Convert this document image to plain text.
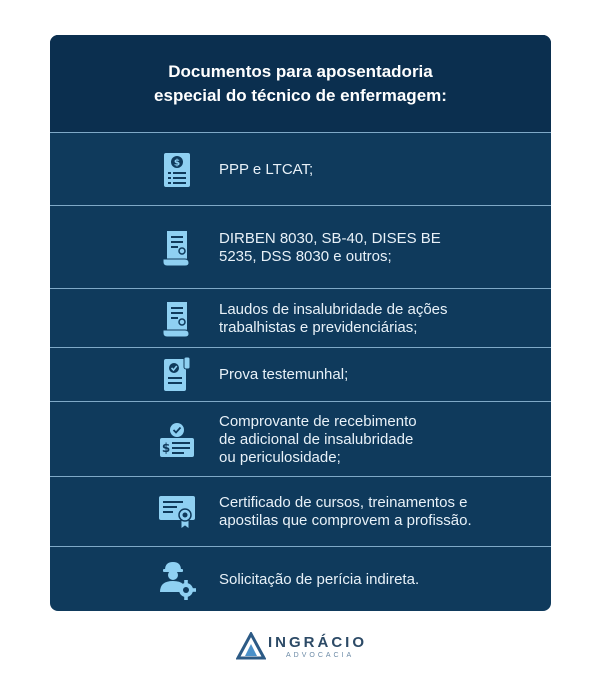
Documentos para aposentadoria
especial do técnico de enfermagem:
$	PPP e LTCAT;
DIRBEN 8030, SB-40, DISES BE
5235, DSS 8030 e outros;
Laudos de insalubridade de ações
trabalhistas e previdenciárias;
Prova testemunhal;
$
Comprovante de recebimento
de adicional de insalubridade
ou periculosidade;
Certificado de cursos, treinamentos e
apostilas que comprovem a profissão.
Solicitação de perícia indireta.
INGRÁCIO
ADVOCACIA
